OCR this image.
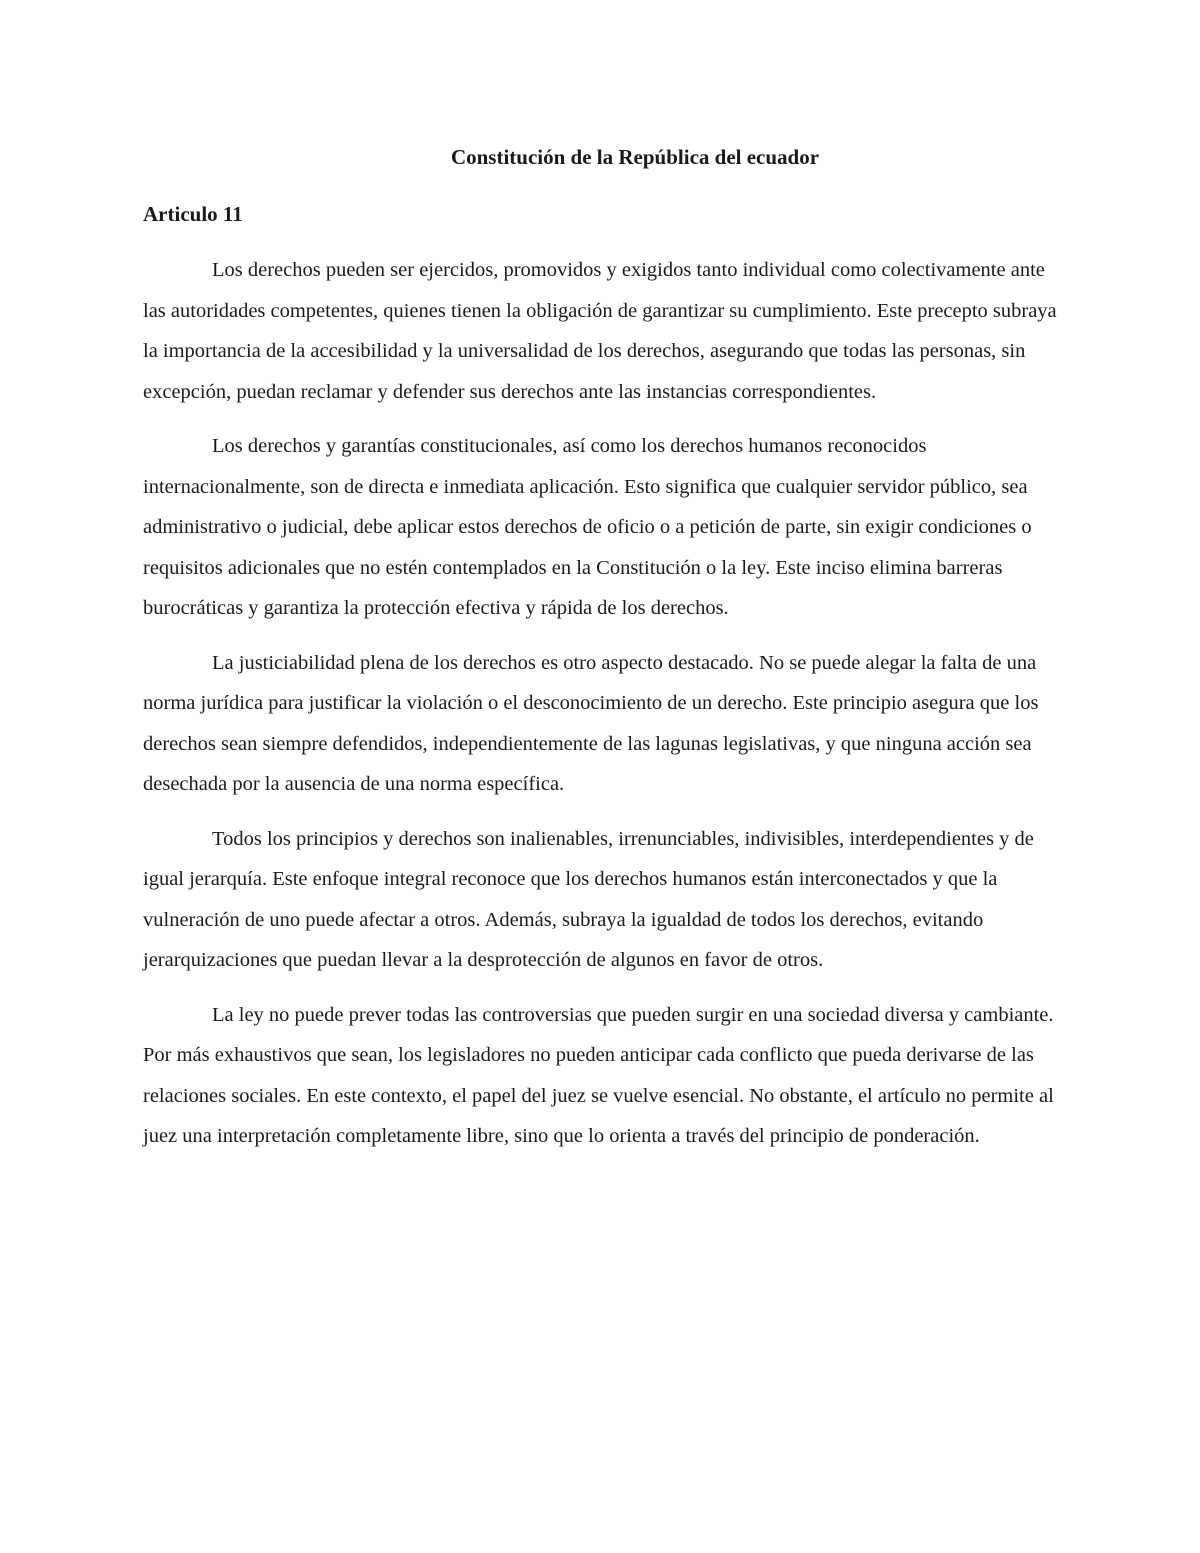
Constitución de la República del ecuador
Articulo 11

Los derechos pueden ser ejercidos, promovidos y exigidos tanto individual como colectivamente ante las autoridades competentes, quienes tienen la obligación de garantizar su cumplimiento. Este precepto subraya la importancia de la accesibilidad y la universalidad de los derechos, asegurando que todas las personas, sin excepción, puedan reclamar y defender sus derechos ante las instancias correspondientes.

Los derechos y garantías constitucionales, así como los derechos humanos reconocidos internacionalmente, son de directa e inmediata aplicación. Esto significa que cualquier servidor público, sea administrativo o judicial, debe aplicar estos derechos de oficio o a petición de parte, sin exigir condiciones o requisitos adicionales que no estén contemplados en la Constitución o la ley. Este inciso elimina barreras burocráticas y garantiza la protección efectiva y rápida de los derechos.

La justiciabilidad plena de los derechos es otro aspecto destacado. No se puede alegar la falta de una norma jurídica para justificar la violación o el desconocimiento de un derecho. Este principio asegura que los derechos sean siempre defendidos, independientemente de las lagunas legislativas, y que ninguna acción sea desechada por la ausencia de una norma específica.

Todos los principios y derechos son inalienables, irrenunciables, indivisibles, interdependientes y de igual jerarquía. Este enfoque integral reconoce que los derechos humanos están interconectados y que la vulneración de uno puede afectar a otros. Además, subraya la igualdad de todos los derechos, evitando jerarquizaciones que puedan llevar a la desprotección de algunos en favor de otros.

La ley no puede prever todas las controversias que pueden surgir en una sociedad diversa y cambiante. Por más exhaustivos que sean, los legisladores no pueden anticipar cada conflicto que pueda derivarse de las relaciones sociales. En este contexto, el papel del juez se vuelve esencial. No obstante, el artículo no permite al juez una interpretación completamente libre, sino que lo orienta a través del principio de ponderación.
